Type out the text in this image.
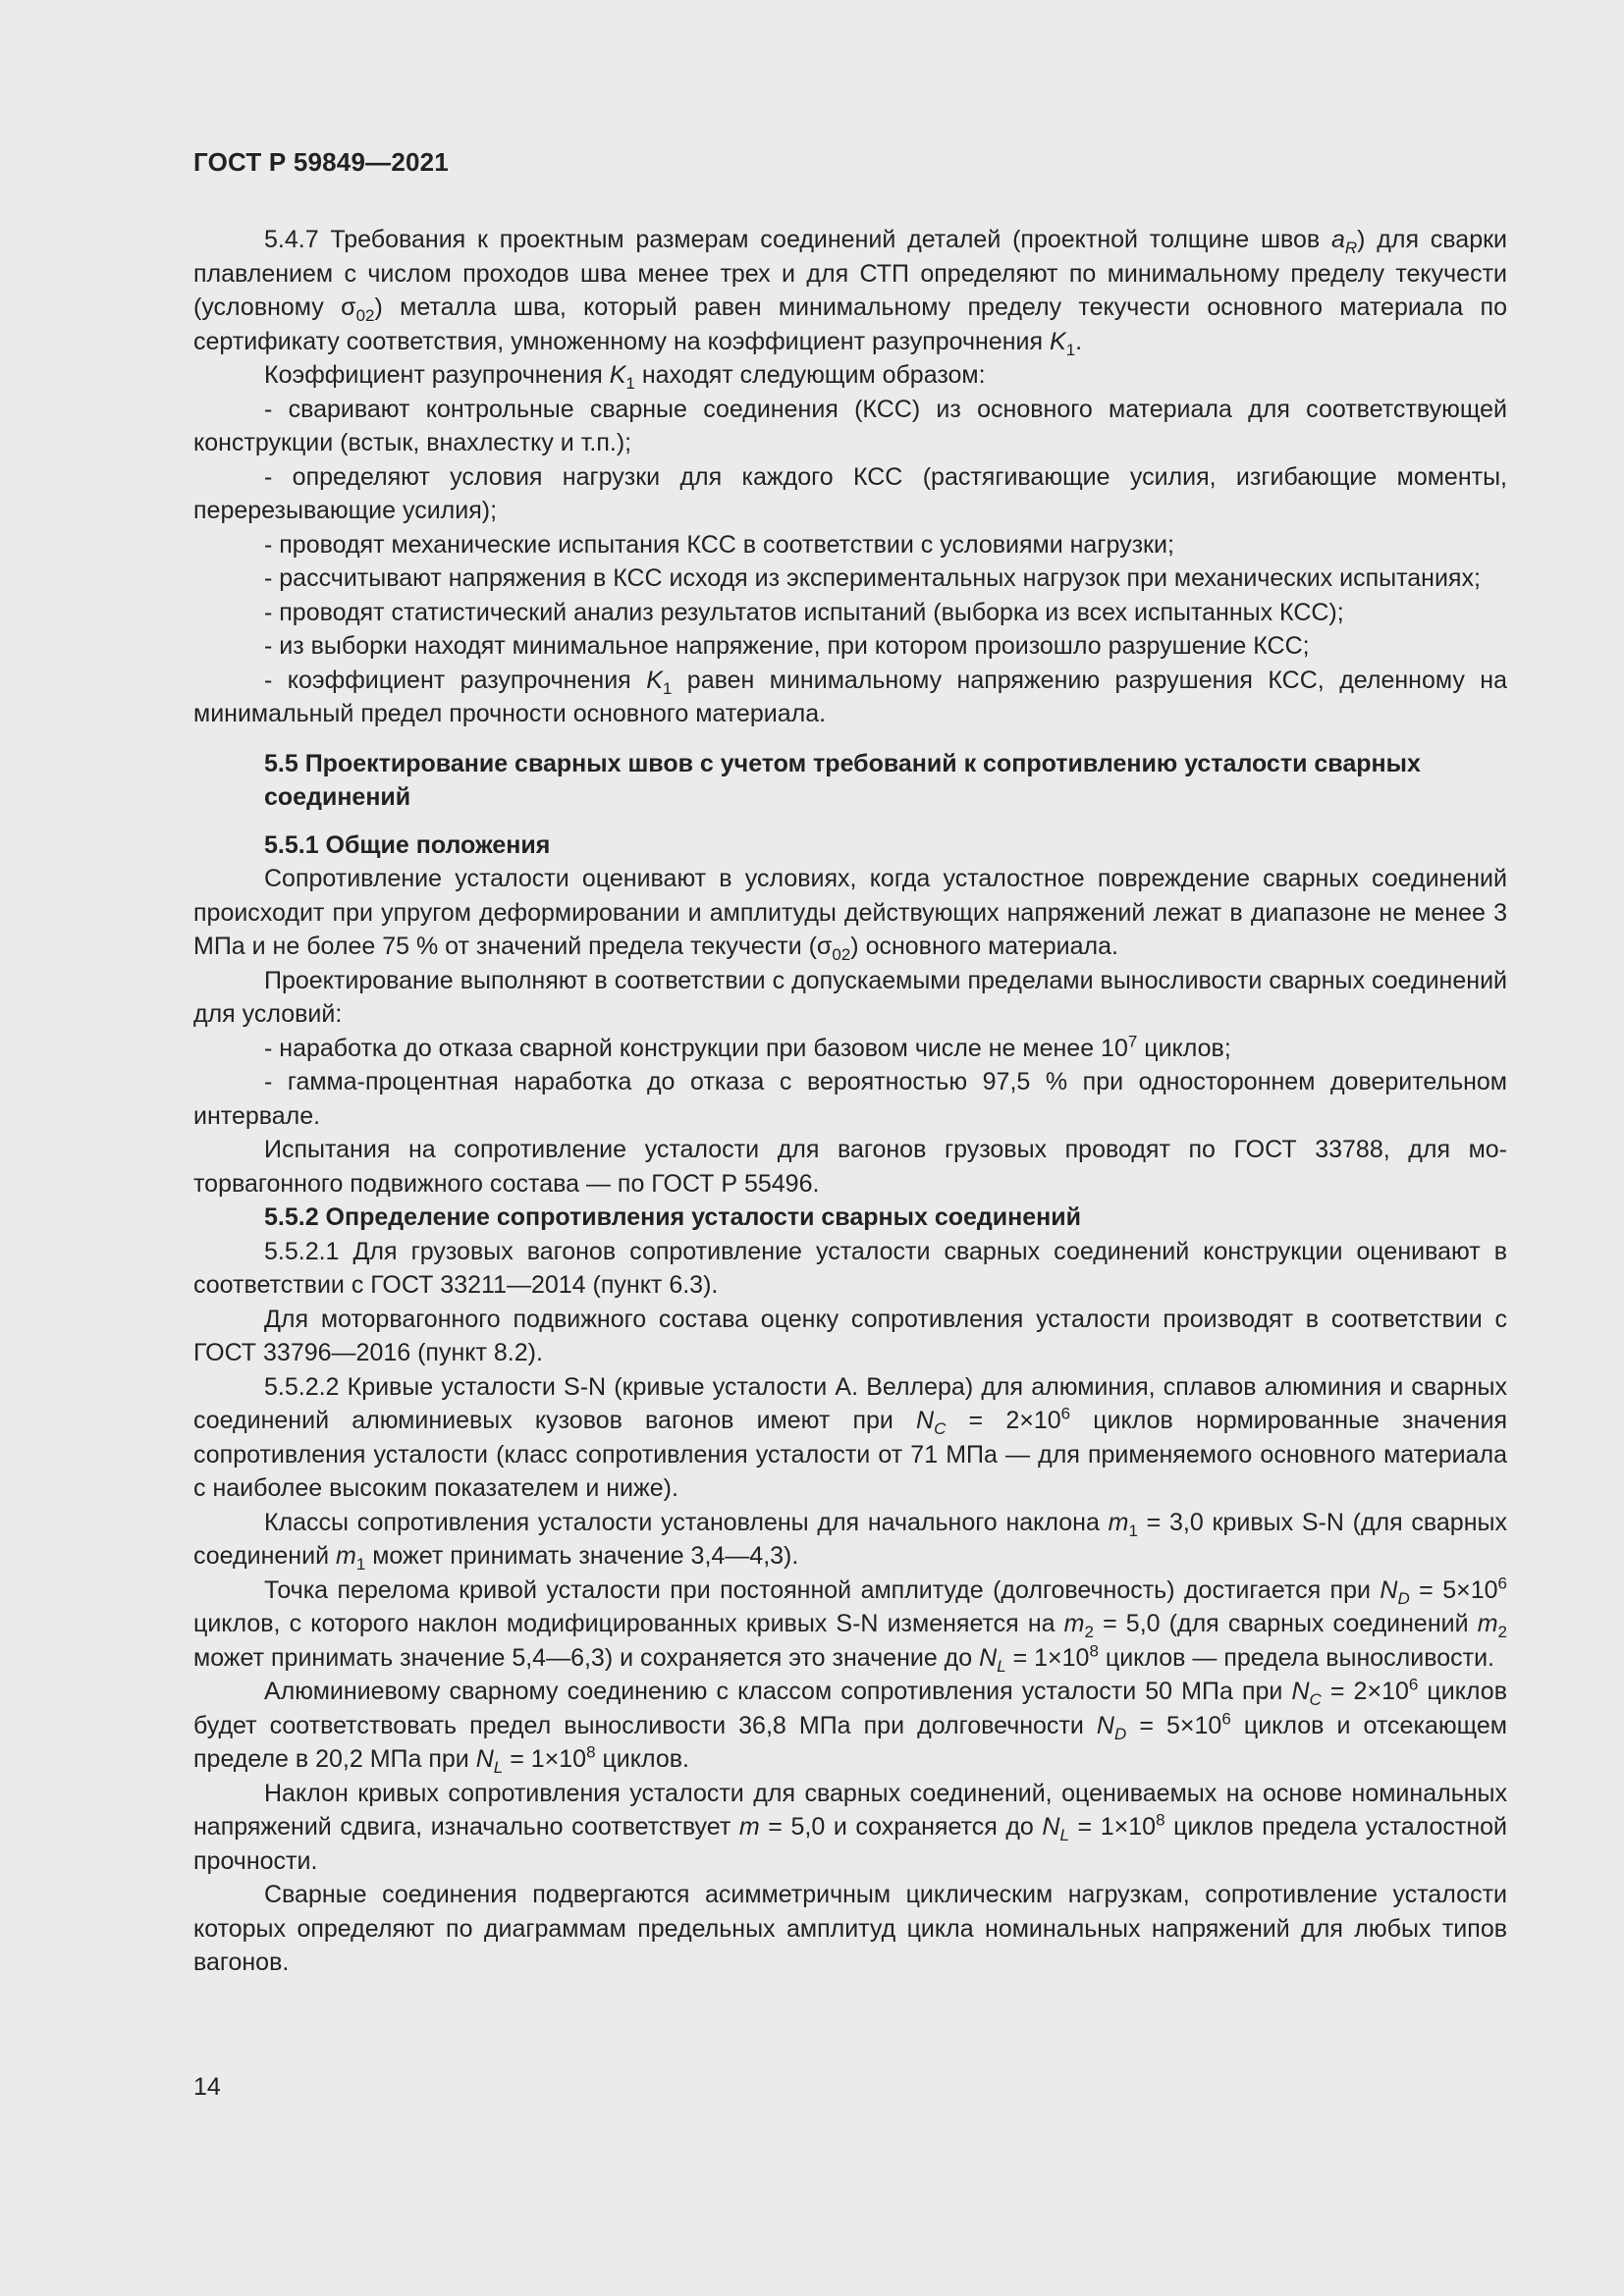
ГОСТ Р 59849—2021

5.4.7 Требования к проектным размерам соединений деталей (проектной толщине швов $a_R$) для сварки плавлением с числом проходов шва менее трех и для СТП определяют по минимальному пределу текучести (условному $\sigma_{02}$) металла шва, который равен минимальному пределу текучести основного материала по сертификату соответствия, умноженному на коэффициент разупрочнения $K_1$.

Коэффициент разупрочнения $K_1$ находят следующим образом:

- сваривают контрольные сварные соединения (КСС) из основного материала для соответствующей конструкции (встык, внахлестку и т.п.);

- определяют условия нагрузки для каждого КСС (растягивающие усилия, изгибающие моменты, перерезывающие усилия);

- проводят механические испытания КСС в соответствии с условиями нагрузки;

- рассчитывают напряжения в КСС исходя из экспериментальных нагрузок при механических испытаниях;

- проводят статистический анализ результатов испытаний (выборка из всех испытанных КСС);

- из выборки находят минимальное напряжение, при котором произошло разрушение КСС;

- коэффициент разупрочнения $K_1$ равен минимальному напряжению разрушения КСС, деленному на минимальный предел прочности основного материала.

5.5 Проектирование сварных швов с учетом требований к сопротивлению усталости сварных соединений

5.5.1 Общие положения

Сопротивление усталости оценивают в условиях, когда усталостное повреждение сварных соединений происходит при упругом деформировании и амплитуды действующих напряжений лежат в диапазоне не менее 3 МПа и не более 75 % от значений предела текучести $(\sigma_{02})$ основного материала.

Проектирование выполняют в соответствии с допускаемыми пределами выносливости сварных соединений для условий:

- наработка до отказа сварной конструкции при базовом числе не менее $10^7$ циклов;

- гамма-процентная наработка до отказа с вероятностью 97,5 % при одностороннем доверительном интервале.

Испытания на сопротивление усталости для вагонов грузовых проводят по ГОСТ 33788, для моторвагонного подвижного состава — по ГОСТ Р 55496.

5.5.2 Определение сопротивления усталости сварных соединений

5.5.2.1 Для грузовых вагонов сопротивление усталости сварных соединений конструкции оценивают в соответствии с ГОСТ 33211—2014 (пункт 6.3).

Для моторвагонного подвижного состава оценку сопротивления усталости производят в соответствии с ГОСТ 33796—2016 (пункт 8.2).

5.5.2.2 Кривые усталости S-N (кривые усталости А. Веллера) для алюминия, сплавов алюминия и сварных соединений алюминиевых кузовов вагонов имеют при $N_C = 2\times 10^6$ циклов нормированные значения сопротивления усталости (класс сопротивления усталости от 71 МПа — для применяемого основного материала с наиболее высоким показателем и ниже).

Классы сопротивления усталости установлены для начального наклона $m_1 = 3,0$ кривых S-N (для сварных соединений $m_1$ может принимать значение 3,4—4,3).

Точка перелома кривой усталости при постоянной амплитуде (долговечность) достигается при $N_D = 5\times 10^6$ циклов, с которого наклон модифицированных кривых S-N изменяется на $m_2 = 5,0$ (для сварных соединений $m_2$ может принимать значение 5,4—6,3) и сохраняется это значение до $N_L = 1\times 10^8$ циклов — предела выносливости.

Алюминиевому сварному соединению с классом сопротивления усталости 50 МПа при $N_C = 2\times 10^6$ циклов будет соответствовать предел выносливости 36,8 МПа при долговечности $N_D = 5\times 10^6$ циклов и отсекающем пределе в 20,2 МПа при $N_L = 1\times 10^8$ циклов.

Наклон кривых сопротивления усталости для сварных соединений, оцениваемых на основе номинальных напряжений сдвига, изначально соответствует m = 5,0 и сохраняется до $N_L = 1\times 10^8$ циклов предела усталостной прочности.

Сварные соединения подвергаются асимметричным циклическим нагрузкам, сопротивление усталости которых определяют по диаграммам предельных амплитуд цикла номинальных напряжений для любых типов вагонов.

14
